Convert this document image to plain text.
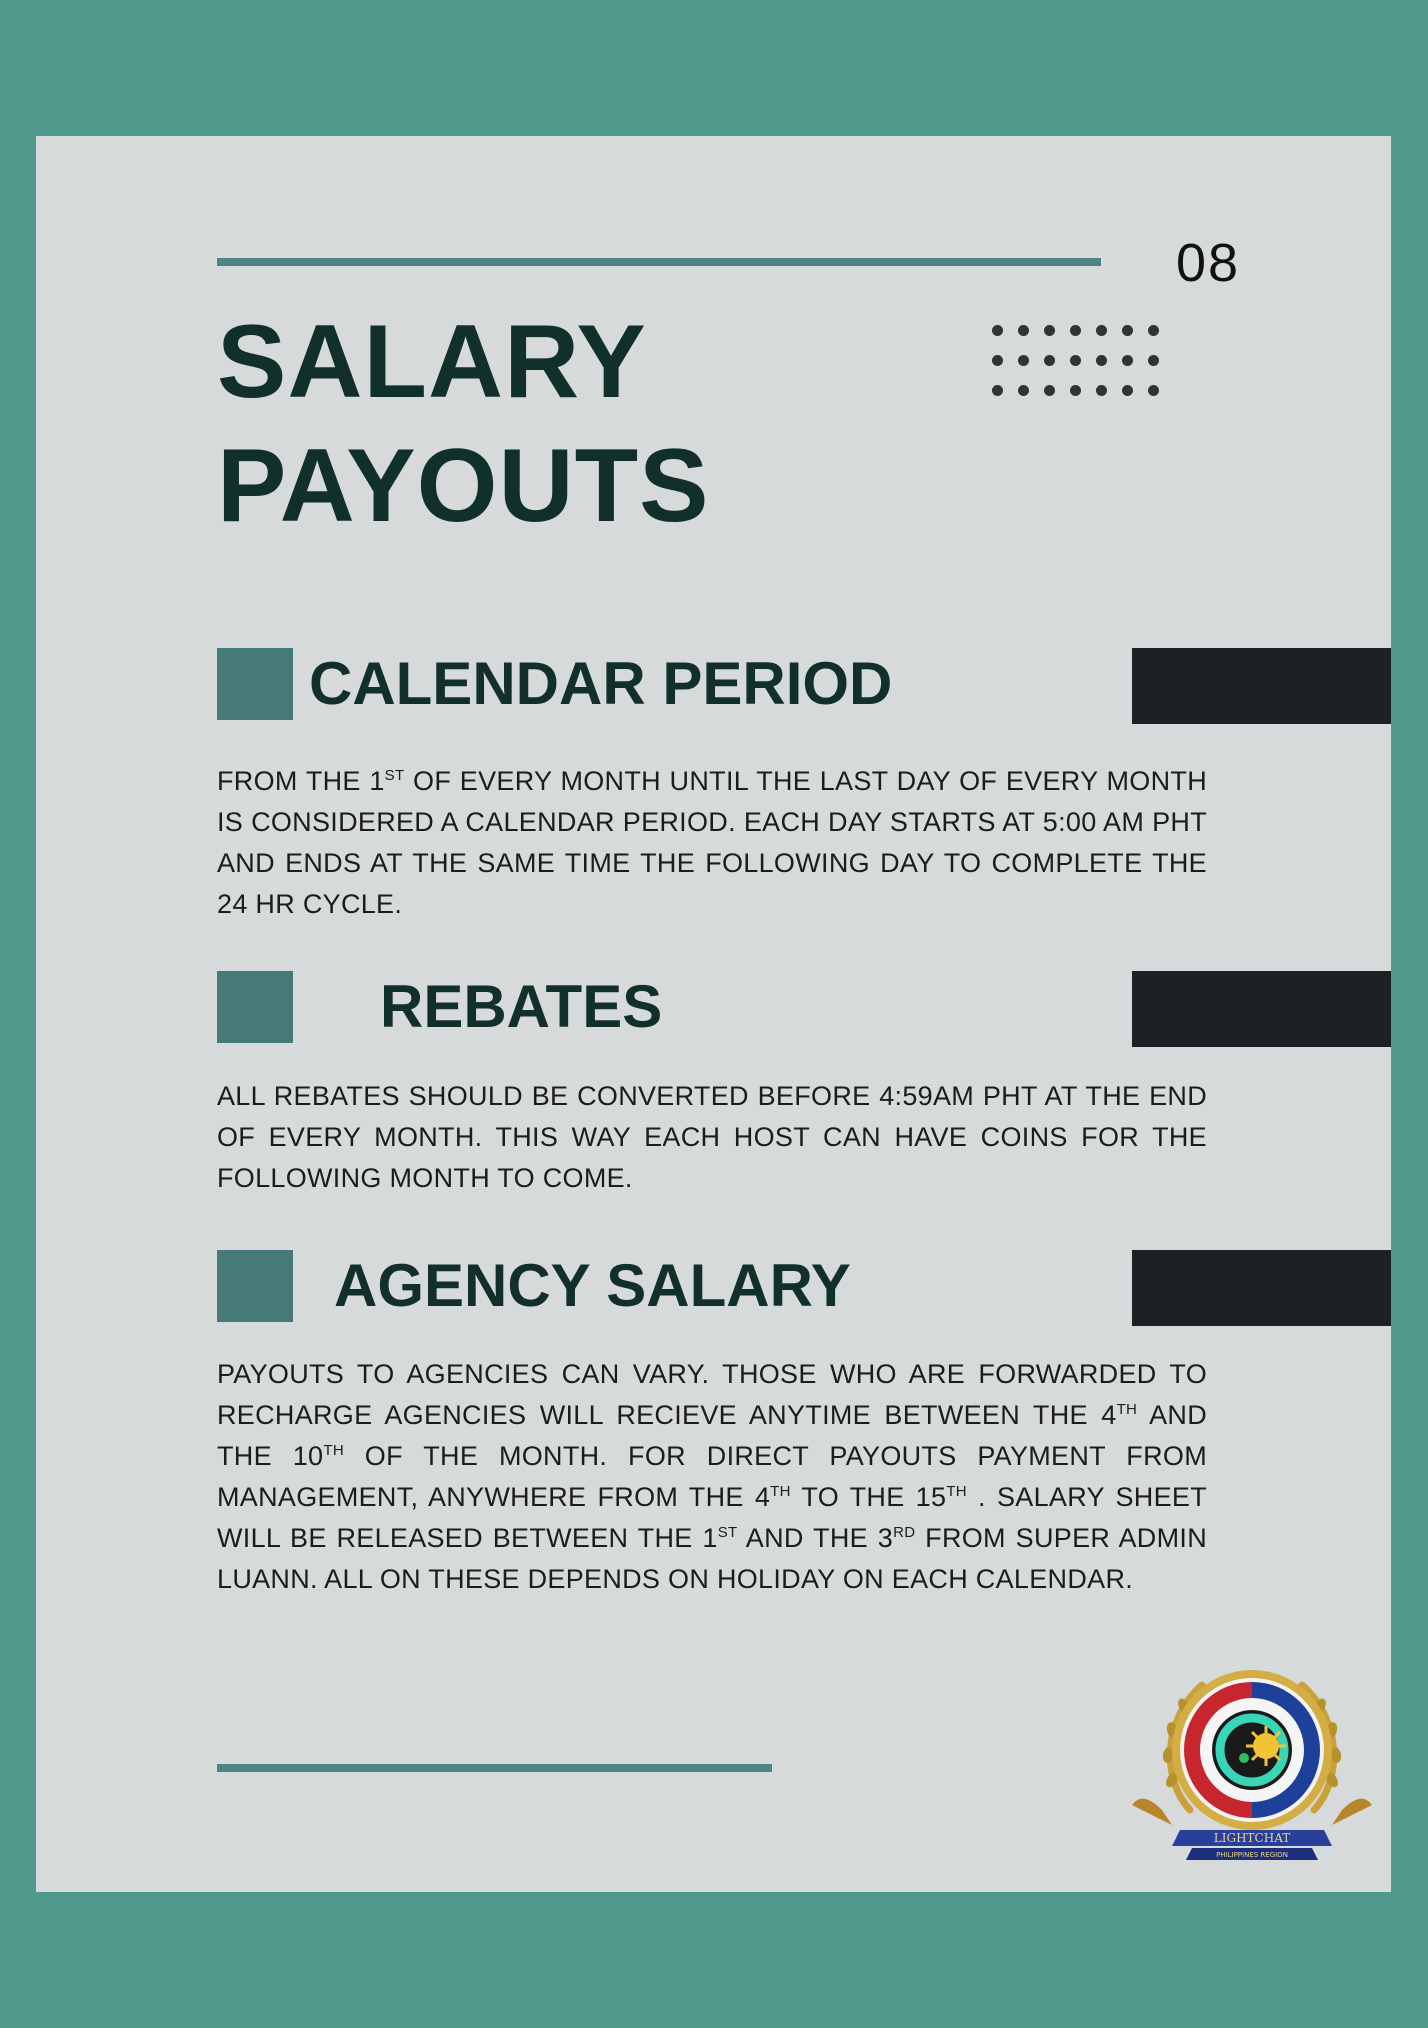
08
SALARY
PAYOUTS
CALENDAR PERIOD

FROM THE 1ST OF EVERY MONTH UNTIL THE LAST DAY OF EVERY MONTH IS CONSIDERED A CALENDAR PERIOD. EACH DAY STARTS AT 5:00 AM PHT AND ENDS AT THE SAME TIME THE FOLLOWING DAY TO COMPLETE THE 24 HR CYCLE.

REBATES

ALL REBATES SHOULD BE CONVERTED BEFORE 4:59AM PHT AT THE END OF EVERY MONTH. THIS WAY EACH HOST CAN HAVE COINS FOR THE FOLLOWING MONTH TO COME.

AGENCY SALARY

PAYOUTS TO AGENCIES CAN VARY. THOSE WHO ARE FORWARDED TO RECHARGE AGENCIES WILL RECIEVE ANYTIME BETWEEN THE 4TH AND THE 10TH OF THE MONTH. FOR DIRECT PAYOUTS PAYMENT FROM MANAGEMENT, ANYWHERE FROM THE 4TH TO THE 15TH . SALARY SHEET WILL BE RELEASED BETWEEN THE 1ST AND THE 3RD FROM SUPER ADMIN LUANN. ALL ON THESE DEPENDS ON HOLIDAY ON EACH CALENDAR.

LIGHTCHAT
PHILIPPINES REGION
